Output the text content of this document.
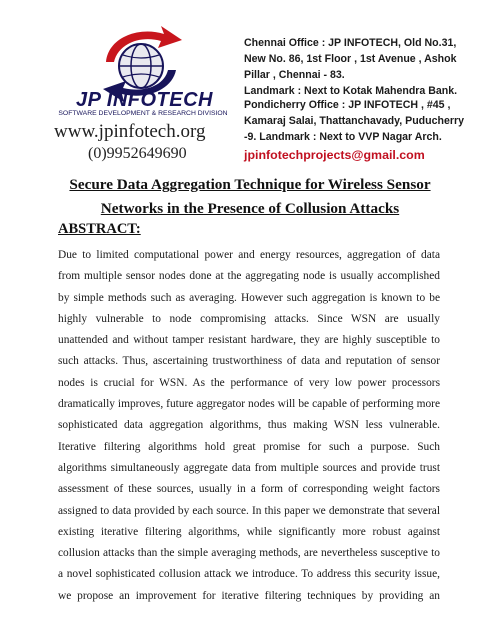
JP INFOTECH
SOFTWARE DEVELOPMENT & RESEARCH DIVISION
www.jpinfotech.org
(0)9952649690
Chennai Office : JP INFOTECH, Old No.31,
New No. 86, 1st Floor , 1st Avenue , Ashok
Pillar , Chennai - 83.
Landmark : Next to Kotak Mahendra Bank.
Pondicherry Office : JP INFOTECH , #45 ,
Kamaraj Salai, Thattanchavady, Puducherry
-9. Landmark : Next to VVP Nagar Arch.
jpinfotechprojects@gmail.com
Secure Data Aggregation Technique for Wireless Sensor
Networks in the Presence of Collusion Attacks
ABSTRACT:
Due to limited computational power and energy resources, aggregation of data
from multiple sensor nodes done at the aggregating node is usually accomplished
by simple methods such as averaging. However such aggregation is known to be
highly vulnerable to node compromising attacks. Since WSN are usually
unattended and without tamper resistant hardware, they are highly susceptible to
such attacks. Thus, ascertaining trustworthiness of data and reputation of sensor
nodes is crucial for WSN. As the performance of very low power processors
dramatically improves, future aggregator nodes will be capable of performing more
sophisticated data aggregation algorithms, thus making WSN less vulnerable.
Iterative filtering algorithms hold great promise for such a purpose. Such
algorithms simultaneously aggregate data from multiple sources and provide trust
assessment of these sources, usually in a form of corresponding weight factors
assigned to data provided by each source. In this paper we demonstrate that several
existing iterative filtering algorithms, while significantly more robust against
collusion attacks than the simple averaging methods, are nevertheless susceptive to
a novel sophisticated collusion attack we introduce. To address this security issue,
we propose an improvement for iterative filtering techniques by providing an
